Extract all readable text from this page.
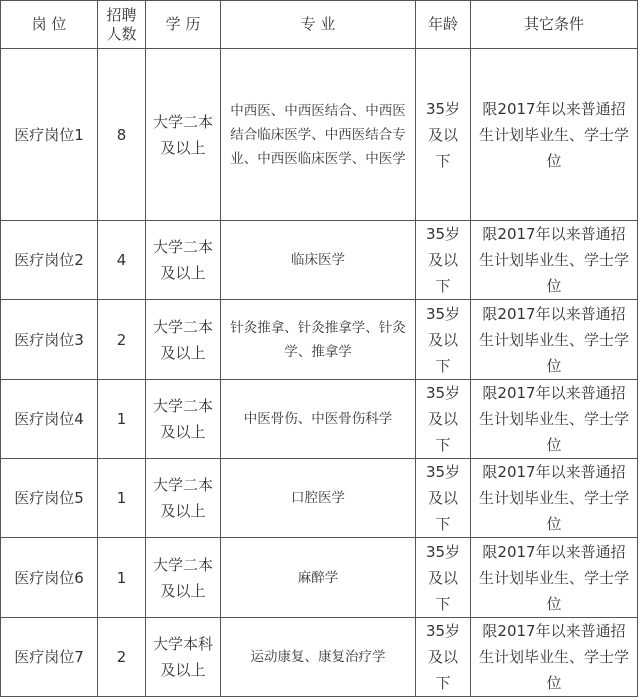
岗 位	招聘人数	学 历	专 业	年龄	其它条件
医疗岗位1	8	大学二本及以上	中西医、中西医结合、中西医结合临床医学、中西医结合专业、中西医临床医学、中医学	35岁及以下	限2017年以来普通招生计划毕业生、学士学位
医疗岗位2	4	大学二本及以上	临床医学	35岁及以下	限2017年以来普通招生计划毕业生、学士学位
医疗岗位3	2	大学二本及以上	针灸推拿、针灸推拿学、针灸学、推拿学	35岁及以下	限2017年以来普通招生计划毕业生、学士学位
医疗岗位4	1	大学二本及以上	中医骨伤、中医骨伤科学	35岁及以下	限2017年以来普通招生计划毕业生、学士学位
医疗岗位5	1	大学二本及以上	口腔医学	35岁及以下	限2017年以来普通招生计划毕业生、学士学位
医疗岗位6	1	大学二本及以上	麻醉学	35岁及以下	限2017年以来普通招生计划毕业生、学士学位
医疗岗位7	2	大学本科及以上	运动康复、康复治疗学	35岁及以下	限2017年以来普通招生计划毕业生、学士学位
